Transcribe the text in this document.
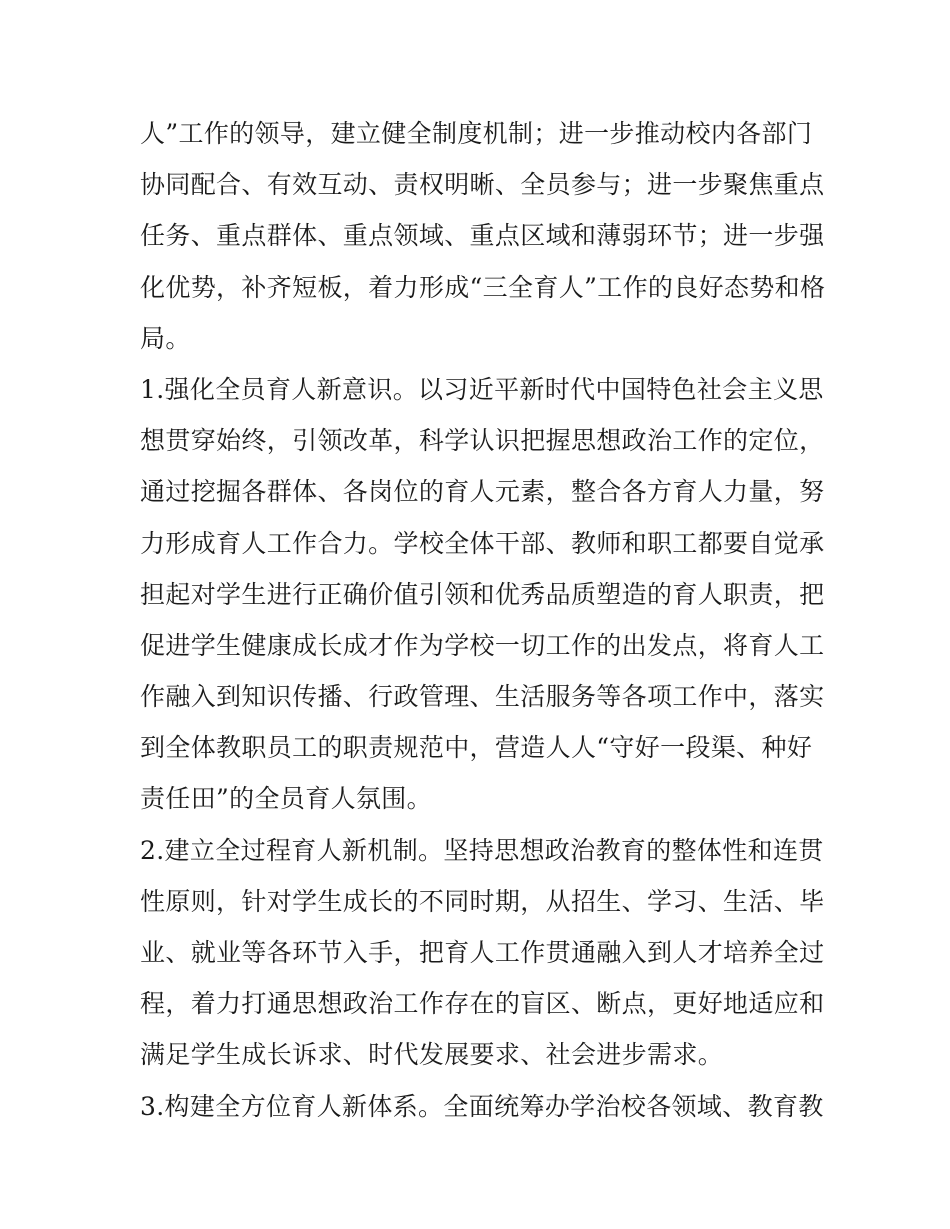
人”工作的领导，建立健全制度机制；进一步推动校内各部门
协同配合、有效互动、责权明晰、全员参与；进一步聚焦重点
任务、重点群体、重点领域、重点区域和薄弱环节；进一步强
化优势，补齐短板，着力形成“三全育人”工作的良好态势和格
局。
1.强化全员育人新意识。以习近平新时代中国特色社会主义思
想贯穿始终，引领改革，科学认识把握思想政治工作的定位，
通过挖掘各群体、各岗位的育人元素，整合各方育人力量，努
力形成育人工作合力。学校全体干部、教师和职工都要自觉承
担起对学生进行正确价值引领和优秀品质塑造的育人职责，把
促进学生健康成长成才作为学校一切工作的出发点，将育人工
作融入到知识传播、行政管理、生活服务等各项工作中，落实
到全体教职员工的职责规范中，营造人人“守好一段渠、种好
责任田”的全员育人氛围。
2.建立全过程育人新机制。坚持思想政治教育的整体性和连贯
性原则，针对学生成长的不同时期，从招生、学习、生活、毕
业、就业等各环节入手，把育人工作贯通融入到人才培养全过
程，着力打通思想政治工作存在的盲区、断点，更好地适应和
满足学生成长诉求、时代发展要求、社会进步需求。
3.构建全方位育人新体系。全面统筹办学治校各领域、教育教
